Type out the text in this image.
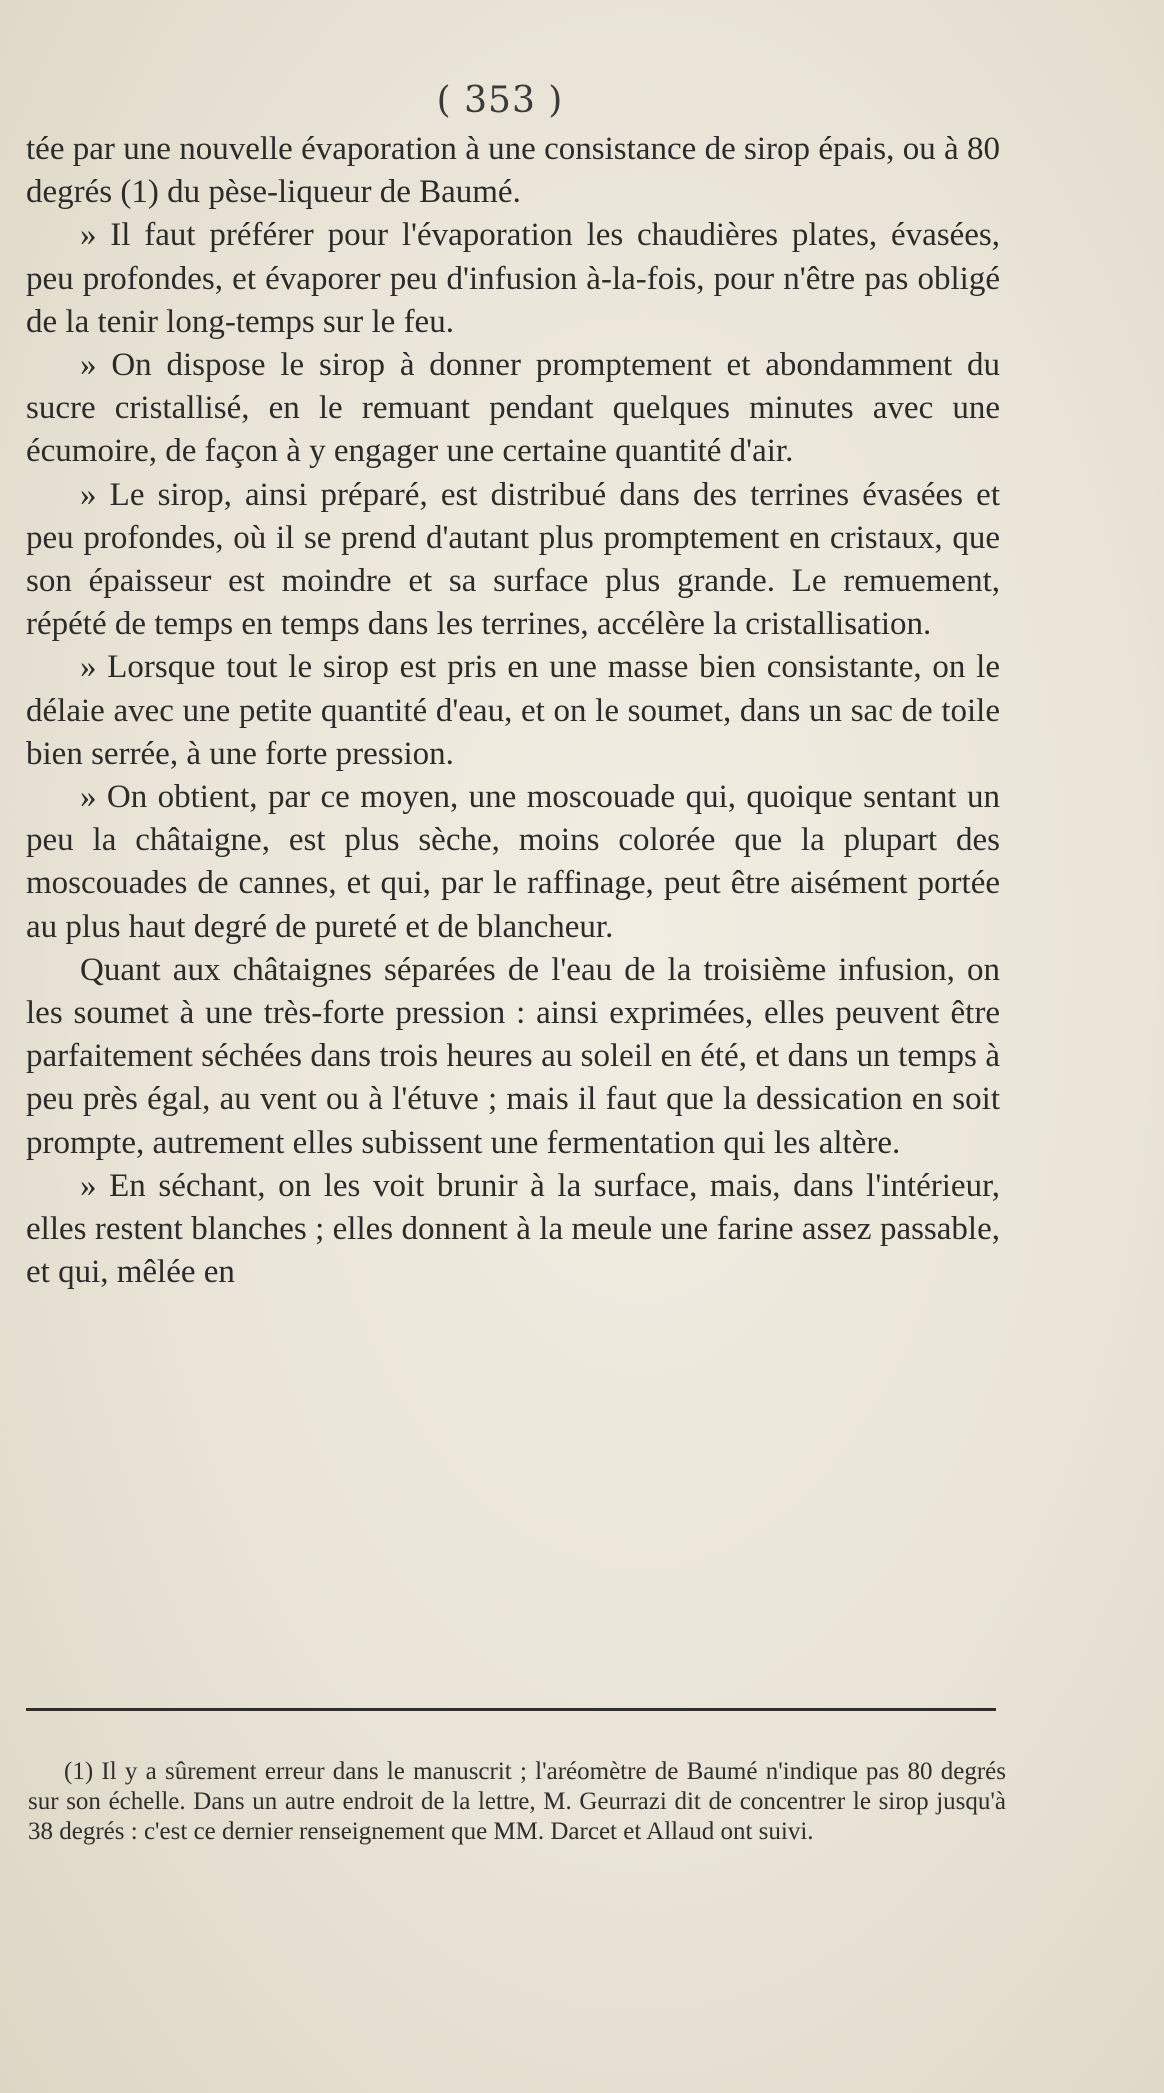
( 353 )

tée par une nouvelle évaporation à une consistance de sirop épais, ou à 80 degrés (1) du pèse-liqueur de Baumé.

» Il faut préférer pour l'évaporation les chaudières plates, évasées, peu profondes, et évaporer peu d'infusion à-la-fois, pour n'être pas obligé de la tenir long-temps sur le feu.

» On dispose le sirop à donner promptement et abondamment du sucre cristallisé, en le remuant pendant quelques minutes avec une écumoire, de façon à y engager une certaine quantité d'air.

» Le sirop, ainsi préparé, est distribué dans des terrines évasées et peu profondes, où il se prend d'autant plus promptement en cristaux, que son épaisseur est moindre et sa surface plus grande. Le remuement, répété de temps en temps dans les terrines, accélère la cristallisation.

» Lorsque tout le sirop est pris en une masse bien consistante, on le délaie avec une petite quantité d'eau, et on le soumet, dans un sac de toile bien serrée, à une forte pression.

» On obtient, par ce moyen, une moscouade qui, quoique sentant un peu la châtaigne, est plus sèche, moins colorée que la plupart des moscouades de cannes, et qui, par le raffinage, peut être aisément portée au plus haut degré de pureté et de blancheur.

Quant aux châtaignes séparées de l'eau de la troisième infusion, on les soumet à une très-forte pression : ainsi exprimées, elles peuvent être parfaitement séchées dans trois heures au soleil en été, et dans un temps à peu près égal, au vent ou à l'étuve ; mais il faut que la dessication en soit prompte, autrement elles subissent une fermentation qui les altère.

» En séchant, on les voit brunir à la surface, mais, dans l'intérieur, elles restent blanches ; elles donnent à la meule une farine assez passable, et qui, mêlée en

(1) Il y a sûrement erreur dans le manuscrit ; l'aréomètre de Baumé n'indique pas 80 degrés sur son échelle. Dans un autre endroit de la lettre, M. Geurrazi dit de concentrer le sirop jusqu'à 38 degrés : c'est ce dernier renseignement que MM. Darcet et Allaud ont suivi.
